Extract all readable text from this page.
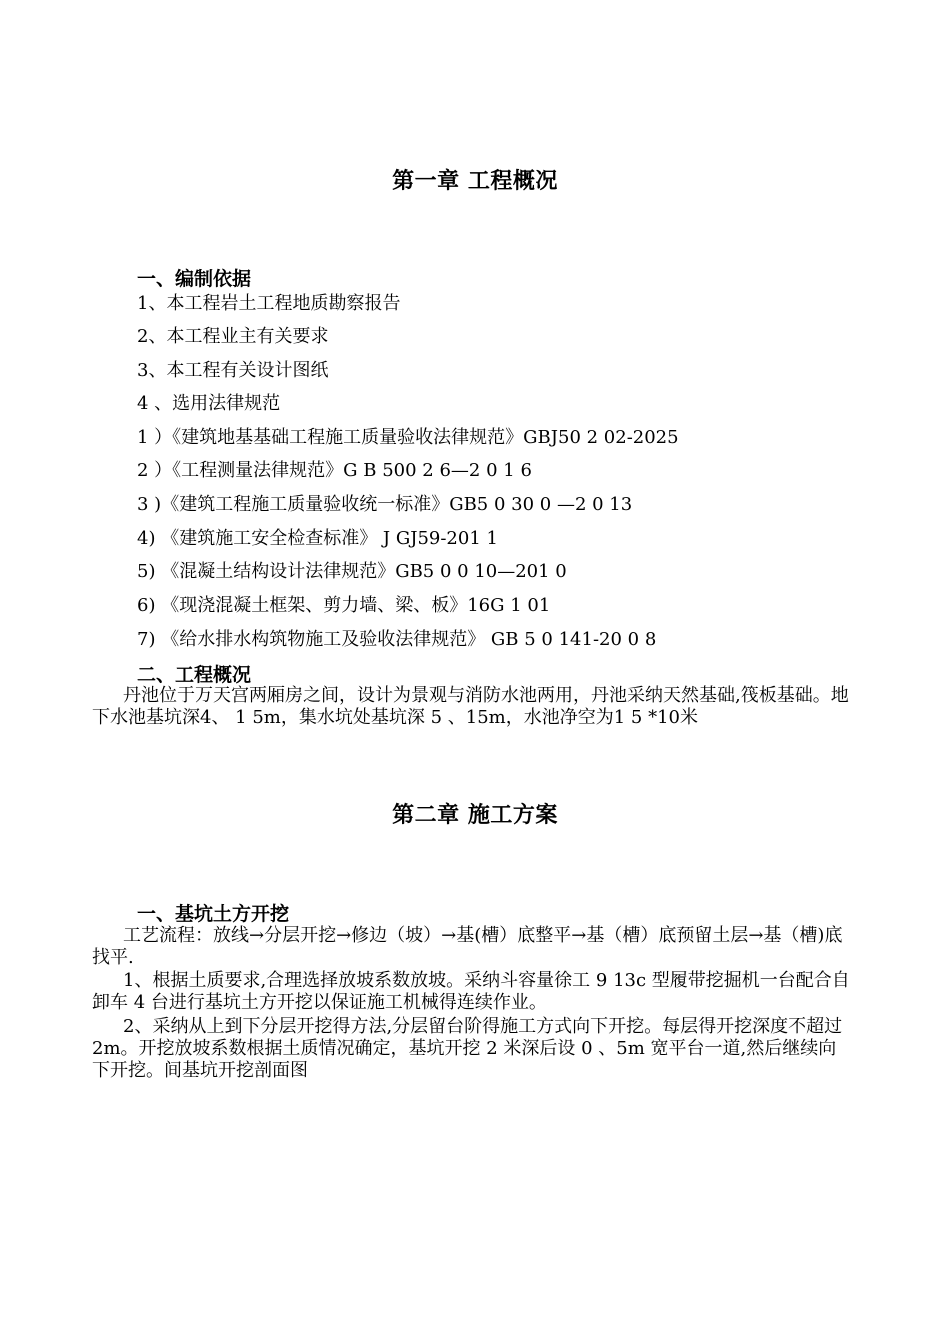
第一章 工程概况
一、编制依据
1、本工程岩土工程地质勘察报告
2、本工程业主有关要求
3、本工程有关设计图纸
4 、选用法律规范
1 ）《建筑地基基础工程施工质量验收法律规范》GBJ50 2 02-2025
2 ）《工程测量法律规范》G B 500 2 6—2 0 1 6
3 )《建筑工程施工质量验收统一标准》GB5 0 30 0 —2 0 13
4) 《建筑施工安全检查标准》 J GJ59-201 1
5) 《混凝土结构设计法律规范》GB5 0 0 10—201 0
6) 《现浇混凝土框架、剪力墙、梁、板》16G 1 01
7) 《给水排水构筑物施工及验收法律规范》 GB 5 0 141-20 0 8
二、工程概况
丹池位于万天宫两厢房之间，设计为景观与消防水池两用，丹池采纳天然基础,筏板基础。地下水池基坑深4、 1 5m，集水坑处基坑深 5 、15m，水池净空为1 5 *10米
第二章 施工方案
一、基坑土方开挖
工艺流程：放线→分层开挖→修边（坡）→基(槽）底整平→基（槽）底预留土层→基（槽)底找平.
1、根据土质要求,合理选择放坡系数放坡。采纳斗容量徐工 9 13c 型履带挖掘机一台配合自卸车 4 台进行基坑土方开挖以保证施工机械得连续作业。
2、采纳从上到下分层开挖得方法,分层留台阶得施工方式向下开挖。每层得开挖深度不超过 2m。开挖放坡系数根据土质情况确定，基坑开挖 2 米深后设 0 、5m 宽平台一道,然后继续向下开挖。间基坑开挖剖面图
